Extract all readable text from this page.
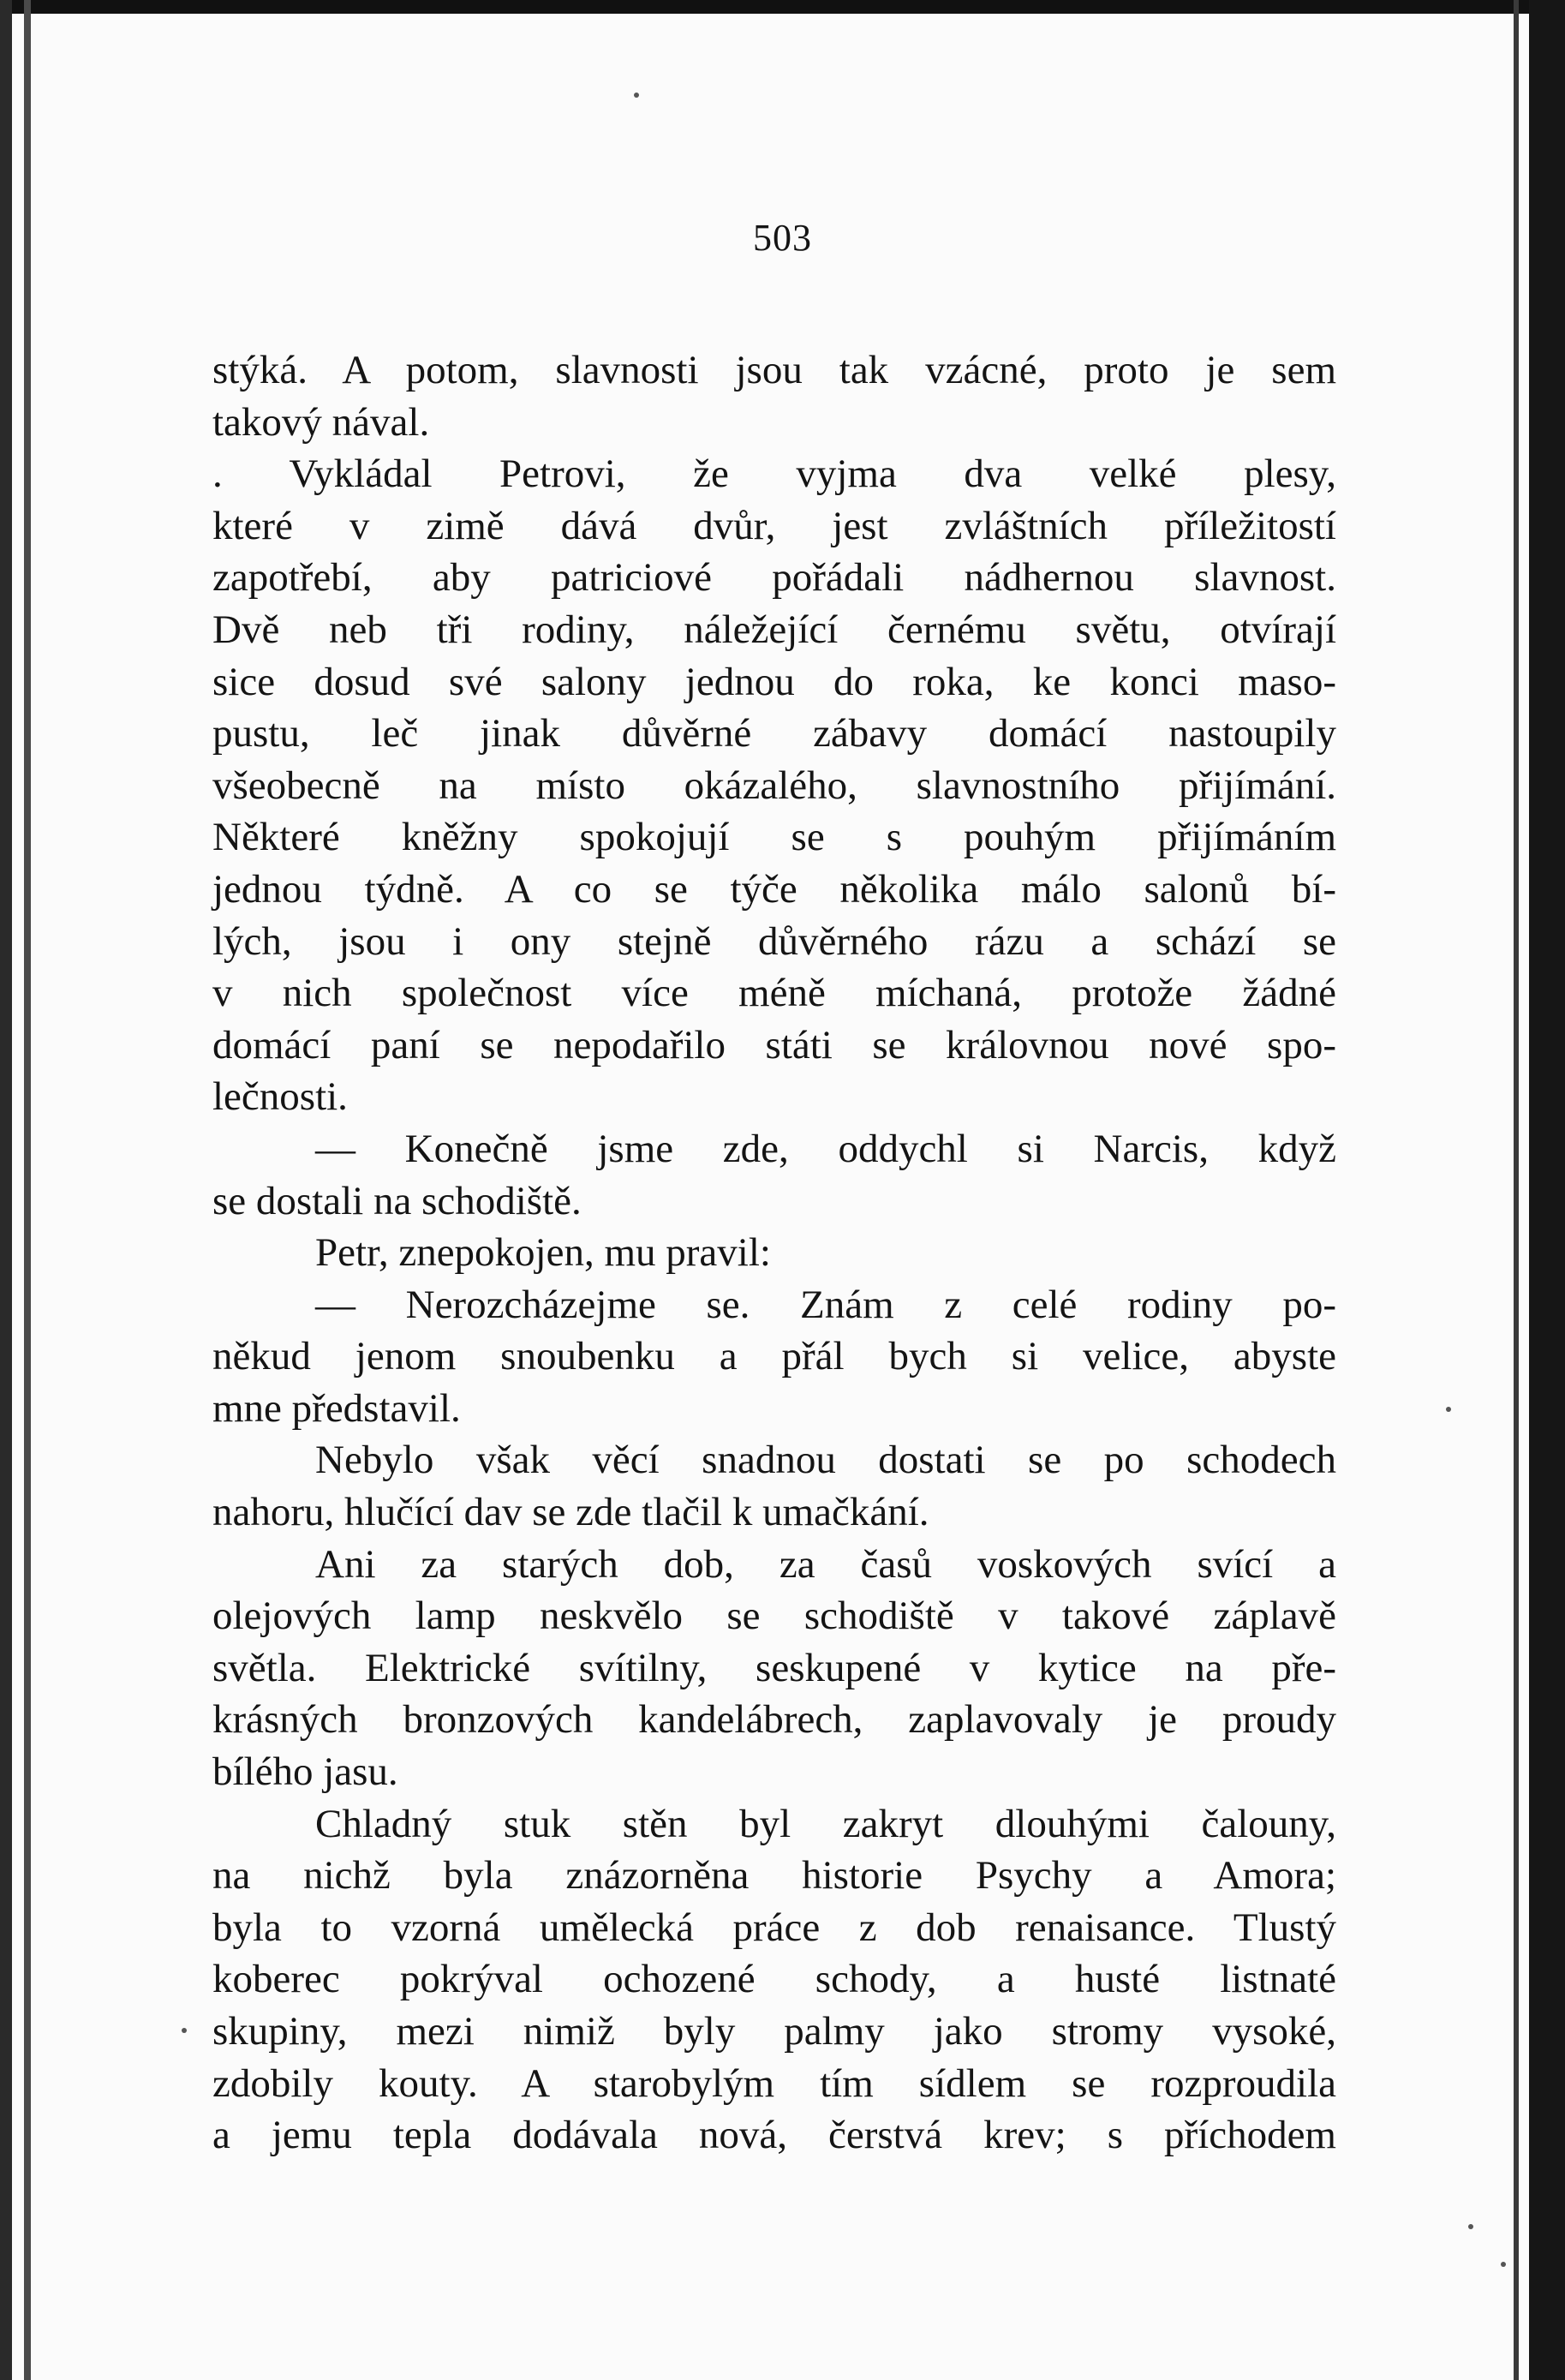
503
stýká. A potom, slavnosti jsou tak vzácné, proto je sem
takový nával.
. Vykládal Petrovi, že vyjma dva velké plesy,
které v zimě dává dvůr, jest zvláštních příležitostí
zapotřebí, aby patriciové pořádali nádhernou slavnost.
Dvě neb tři rodiny, náležející černému světu, otvírají
sice dosud své salony jednou do roka, ke konci maso-
pustu, leč jinak důvěrné zábavy domácí nastoupily
všeobecně na místo okázalého, slavnostního přijímání.
Některé kněžny spokojují se s pouhým přijímáním
jednou týdně. A co se týče několika málo salonů bí-
lých, jsou i ony stejně důvěrného rázu a schází se
v nich společnost více méně míchaná, protože žádné
domácí paní se nepodařilo státi se královnou nové spo-
lečnosti.
— Konečně jsme zde, oddychl si Narcis, když
se dostali na schodiště.
Petr, znepokojen, mu pravil:
— Nerozcházejme se. Znám z celé rodiny po-
někud jenom snoubenku a přál bych si velice, abyste
mne představil.
Nebylo však věcí snadnou dostati se po schodech
nahoru, hlučící dav se zde tlačil k umačkání.
Ani za starých dob, za časů voskových svící a
olejových lamp neskvělo se schodiště v takové záplavě
světla. Elektrické svítilny, seskupené v kytice na pře-
krásných bronzových kandelábrech, zaplavovaly je proudy
bílého jasu.
Chladný stuk stěn byl zakryt dlouhými čalouny,
na nichž byla znázorněna historie Psychy a Amora;
byla to vzorná umělecká práce z dob renaisance. Tlustý
koberec pokrýval ochozené schody, a husté listnaté
skupiny, mezi nimiž byly palmy jako stromy vysoké,
zdobily kouty. A starobylým tím sídlem se rozproudila
a jemu tepla dodávala nová, čerstvá krev; s příchodem
